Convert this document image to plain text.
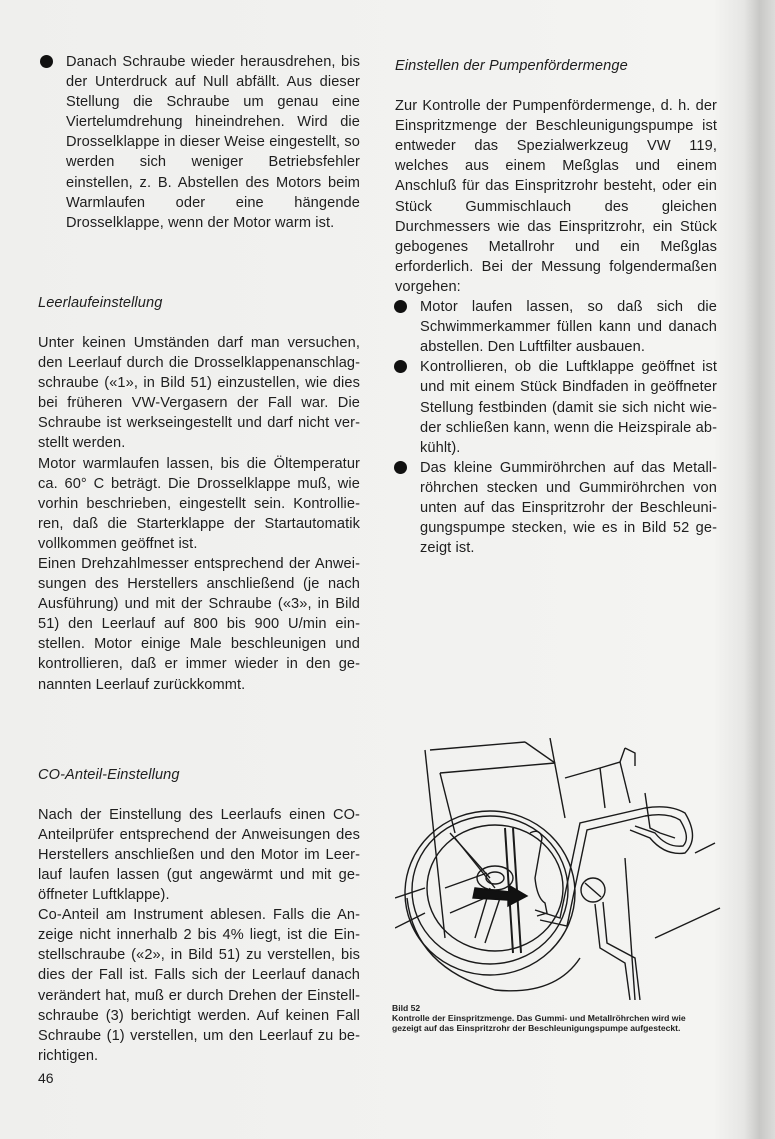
Danach Schraube wieder herausdrehen, bis der Unterdruck auf Null abfällt. Aus dieser Stellung die Schraube um genau eine Viertelumdrehung hineindrehen. Wird die Drosselklappe in dieser Weise eingestellt, so werden sich weniger Betriebsfehler einstellen, z. B. Abstellen des Motors beim Warmlaufen oder eine hängende Drosselklappe, wenn der Motor warm ist.

Leerlaufeinstellung

Unter keinen Umständen darf man versuchen, den Leerlauf durch die Drosselklappenanschlagschraube («1», in Bild 51) einzustellen, wie dies bei früheren VW-Vergasern der Fall war. Die Schraube ist werkseingestellt und darf nicht verstellt werden.

Motor warmlaufen lassen, bis die Öltemperatur ca. 60° C beträgt. Die Drosselklappe muß, wie vorhin beschrieben, eingestellt sein. Kontrollieren, daß die Starterklappe der Startautomatik vollkommen geöffnet ist.

Einen Drehzahlmesser entsprechend der Anweisungen des Herstellers anschließend (je nach Ausführung) und mit der Schraube («3», in Bild 51) den Leerlauf auf 800 bis 900 U/min einstellen. Motor einige Male beschleunigen und kontrollieren, daß er immer wieder in den genannten Leerlauf zurückkommt.

CO-Anteil-Einstellung

Nach der Einstellung des Leerlaufs einen CO-Anteilprüfer entsprechend der Anweisungen des Herstellers anschließen und den Motor im Leerlauf laufen lassen (gut angewärmt und mit geöffneter Luftklappe).

Co-Anteil am Instrument ablesen. Falls die Anzeige nicht innerhalb 2 bis 4% liegt, ist die Einstellschraube («2», in Bild 51) zu verstellen, bis dies der Fall ist. Falls sich der Leerlauf danach verändert hat, muß er durch Drehen der Einstellschraube (3) berichtigt werden. Auf keinen Fall Schraube (1) verstellen, um den Leerlauf zu berichtigen.

Einstellen der Pumpenfördermenge

Zur Kontrolle der Pumpenfördermenge, d. h. der Einspritzmenge der Beschleunigungspumpe ist entweder das Spezialwerkzeug VW 119, welches aus einem Meßglas und einem Anschluß für das Einspritzrohr besteht, oder ein Stück Gummischlauch des gleichen Durchmessers wie das Einspritzrohr, ein Stück gebogenes Metallrohr und ein Meßglas erforderlich. Bei der Messung folgendermaßen vorgehen:

Motor laufen lassen, so daß sich die Schwimmerkammer füllen kann und danach abstellen. Den Luftfilter ausbauen.

Kontrollieren, ob die Luftklappe geöffnet ist und mit einem Stück Bindfaden in geöffneter Stellung festbinden (damit sie sich nicht wieder schließen kann, wenn die Heizspirale abkühlt).

Das kleine Gummiröhrchen auf das Metallröhrchen stecken und Gummiröhrchen von unten auf das Einspritzrohr der Beschleunigungspumpe stecken, wie es in Bild 52 gezeigt ist.

Bild 52
Kontrolle der Einspritzmenge. Das Gummi- und Metallröhrchen wird wie gezeigt auf das Einspritzrohr der Beschleunigungspumpe aufgesteckt.
46
